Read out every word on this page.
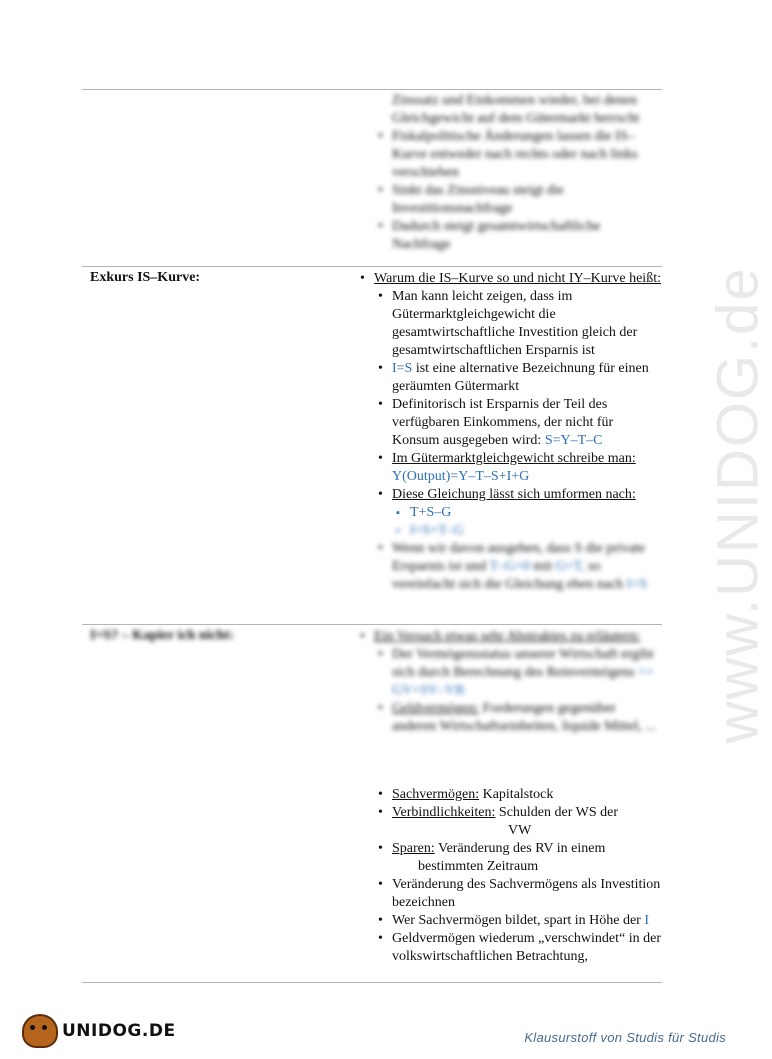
www.UNIDOG.de
Zinssatz und Einkommen wieder, bei denen Gleichgewicht auf dem Gütermarkt herrscht
• Fiskalpolitische Änderungen lassen die IS–Kurve entweder nach rechts oder nach links verschieben
• Sinkt das Zinsniveau steigt die Investitionsnachfrage
• Dadurch steigt gesamtwirtschaftliche Nachfrage
Exkurs IS–Kurve:	• Warum die IS–Kurve so und nicht IY–Kurve heißt:
• Man kann leicht zeigen, dass im Gütermarktgleichgewicht die gesamtwirtschaftliche Investition gleich der gesamtwirtschaftlichen Ersparnis ist
• I=S ist eine alternative Bezeichnung für einen geräumten Gütermarkt
• Definitorisch ist Ersparnis der Teil des verfügbaren Einkommens, der nicht für Konsum ausgegeben wird: S=Y–T–C
• Im Gütermarktgleichgewicht schreibe man:
Y(Output)=Y–T–S+I+G
• Diese Gleichung lässt sich umformen nach:
▪ T+S–G
▪ I=S+T–G
• Wenn wir davon ausgehen, dass S die private Ersparnis ist und T–G=0 mit G=T, so vereinfacht sich die Gleichung eben nach I=S
I=S? – Kapier ich nicht:	• Ein Versuch etwas sehr Abstraktes zu erläutern:
• Der Vermögensstatus unserer Wirtschaft ergibt sich durch Berechnung des Reinvermögens => GV+SV–VB
• Geldvermögen: Forderungen gegenüber anderen Wirtschaftseinheiten, liquide Mittel, ...
• Sachvermögen: Kapitalstock
• Verbindlichkeiten: Schulden der WS der
VW
• Sparen: Veränderung des RV in einem
bestimmten Zeitraum
• Veränderung des Sachvermögens als Investition bezeichnen
• Wer Sachvermögen bildet, spart in Höhe der I
• Geldvermögen wiederum „verschwindet“ in der volkswirtschaftlichen Betrachtung,
UNIDOG.DE	Klausurstoff von Studis für Studis
